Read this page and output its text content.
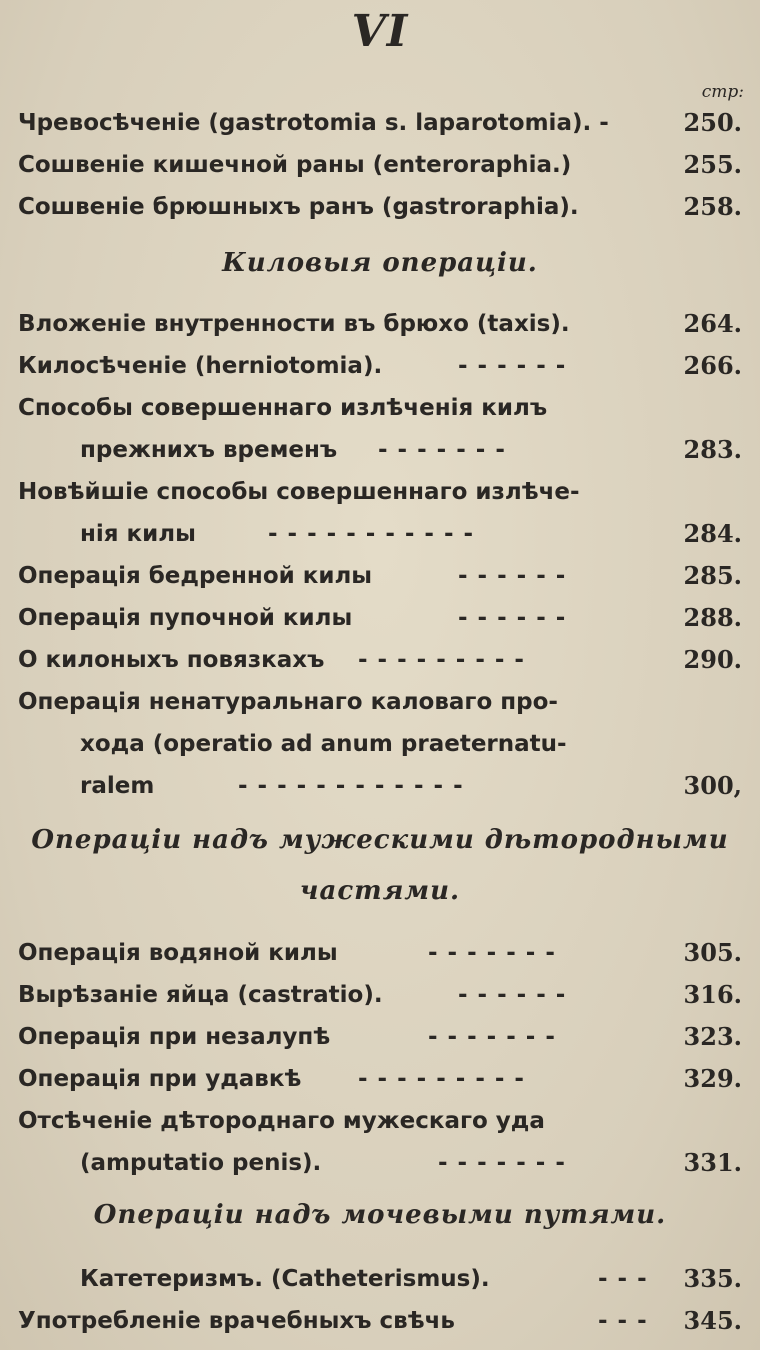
VI
стр:
Чревосѣченіе (gastrotomia s. laparotomia). -	250.
Сошвеніе кишечной раны (enteroraphia.)	255.
Сошвеніе брюшныхъ ранъ (gastroraphia).	258.
Киловыя операціи.
Вложеніе внутренности въ брюхо (taxis).	264.
Килосѣченіе (herniotomia).	- - - - - -	266.
Способы совершеннаго излѣченія килъ
прежнихъ временъ - - - - - - -	283.
Новѣйшіе способы совершеннаго излѣче-
нія килы	- - - - - - - - - - -	284.
Операція бедренной килы	- - - - - -	285.
Операція пупочной килы	- - - - - -	288.
О килоныхъ повязкахъ - - - - - - - - -	290.
Операція ненатуральнаго каловаго про-
хода (operatio ad anum praeternatu-
ralem	- - - - - - - - - - - -	300,
Операціи надъ мужескими дѣтородными
частями.
Операція водяной килы	- - - - - - -	305.
Вырѣзаніе яйца (castratio).	- - - - - -	316.
Операція при незалупѣ	- - - - - - -	323.
Операція при удавкѣ - - - - - - - - -	329.
Отсѣченіе дѣтороднаго мужескаго уда
(amputatio penis).	- - - - - - -	331.
Операціи надъ мочевыми путями.
Катетеризмъ. (Catheterismus).	- - - 335.
Употребленіе врачебныхъ свѣчь	- - - 345.
